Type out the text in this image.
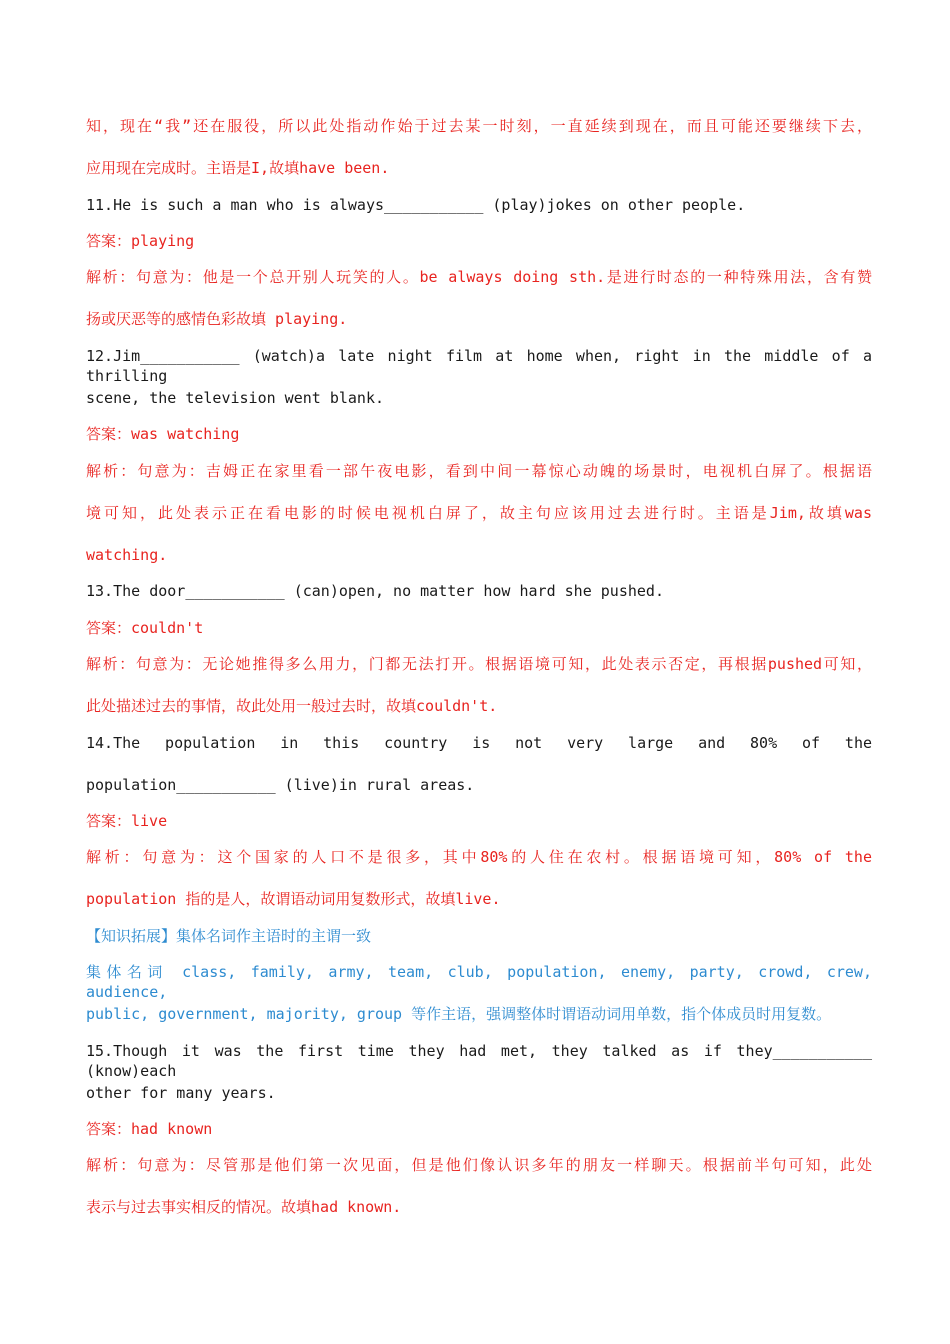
知，现在“我”还在服役，所以此处指动作始于过去某一时刻，一直延续到现在，而且可能还要继续下去，
应用现在完成时。主语是I,故填have been.
11.He is such a man who is always___________ (play)jokes on other people.
答案：playing
解析：句意为：他是一个总开别人玩笑的人。be always doing sth.是进行时态的一种特殊用法，含有赞
扬或厌恶等的感情色彩故填 playing.
12.Jim___________ (watch)a late night film at home when, right in the middle of a thrilling
scene, the television went blank.
答案：was watching
解析：句意为：吉姆正在家里看一部午夜电影，看到中间一幕惊心动魄的场景时，电视机白屏了。根据语
境可知，此处表示正在看电影的时候电视机白屏了，故主句应该用过去进行时。主语是Jim,故填was
watching.
13.The door___________ (can)open, no matter how hard she pushed.
答案：couldn't
解析：句意为：无论她推得多么用力，门都无法打开。根据语境可知，此处表示否定，再根据pushed可知，
此处描述过去的事情，故此处用一般过去时，故填couldn't.
14.The population in this country is not very large and 80% of the
population___________ (live)in rural areas.
答案：live
解析：句意为：这个国家的人口不是很多，其中80%的人住在农村。根据语境可知，80% of the
population 指的是人，故谓语动词用复数形式，故填live.
【知识拓展】集体名词作主语时的主谓一致
集体名词 class, family, army, team, club, population, enemy, party, crowd, crew, audience,
public, government, majority, group 等作主语，强调整体时谓语动词用单数，指个体成员时用复数。
15.Though it was the first time they had met, they talked as if they___________ (know)each
other for many years.
答案：had known
解析：句意为：尽管那是他们第一次见面，但是他们像认识多年的朋友一样聊天。根据前半句可知，此处
表示与过去事实相反的情况。故填had known.
